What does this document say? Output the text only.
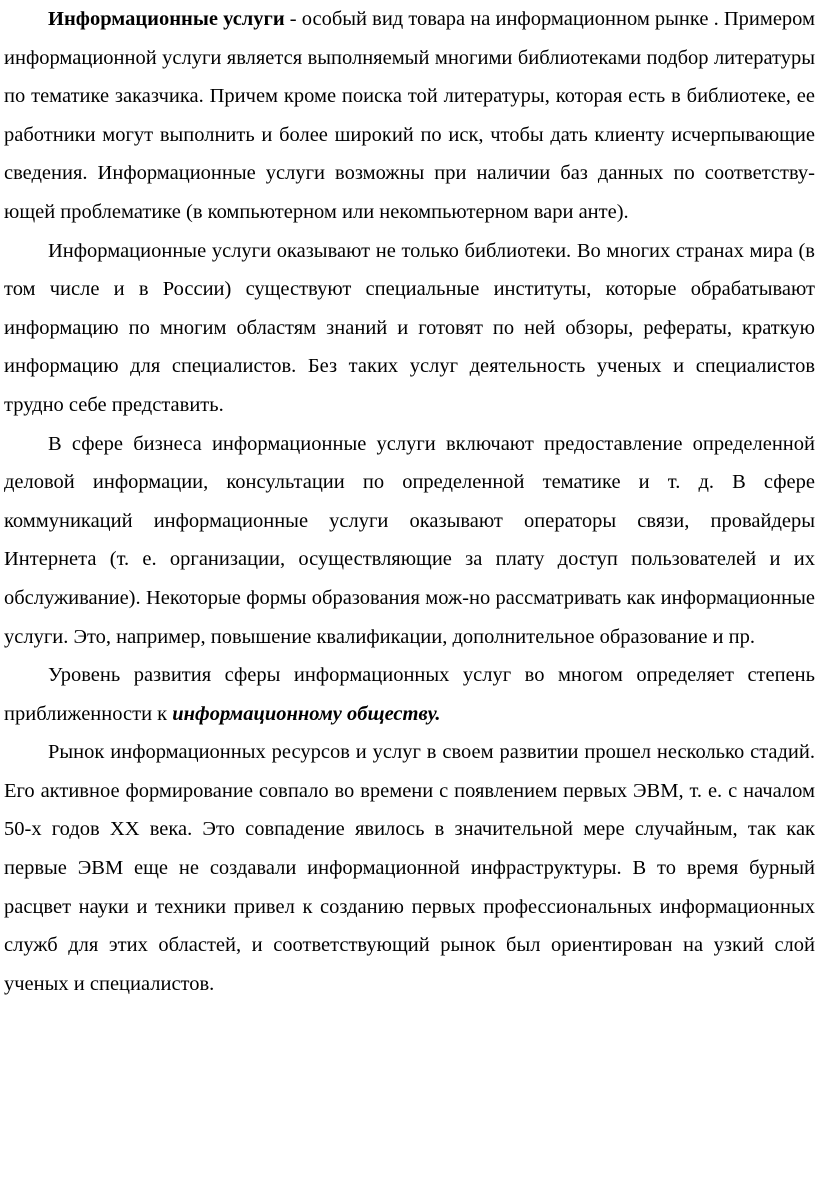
Информационные услуги - особый вид товара на информационном рынке . Примером информационной услуги является выполняемый многими библиотеками подбор литературы по тематике заказчика. Причем кроме поиска той литературы, которая есть в библиотеке, ее работники могут выполнить и более широкий по иск, чтобы дать клиенту исчерпывающие сведения. Информационные услуги возможны при наличии баз данных по соответству-ющей проблематике (в компьютерном или некомпьютерном вари анте).

Информационные услуги оказывают не только библиотеки. Во многих странах мира (в том числе и в России) существуют специальные институты, которые обрабатывают информацию по многим областям знаний и готовят по ней обзоры, рефераты, краткую информацию для специалистов. Без таких услуг деятельность ученых и специалистов трудно себе представить.

В сфере бизнеса информационные услуги включают предоставление определенной деловой информации, консультации по определенной тематике и т. д. В сфере коммуникаций информационные услуги оказывают операторы связи, провайдеры Интернета (т. е. организации, осуществляющие за плату доступ пользователей и их обслуживание). Некоторые формы образования мож-но рассматривать как информационные услуги. Это, например, повышение квалификации, дополнительное образование и пр.

Уровень развития сферы информационных услуг во многом определяет степень приближенности к информационному обществу.

Рынок информационных ресурсов и услуг в своем развитии прошел несколько стадий. Его активное формирование совпало во времени с появлением первых ЭВМ, т. е. с началом 50-х годов XX века. Это совпадение явилось в значительной мере случайным, так как первые ЭВМ еще не создавали информационной инфраструктуры. В то время бурный расцвет науки и техники привел к созданию первых профессиональных информационных служб для этих областей, и соответствующий рынок был ориентирован на узкий слой ученых и специалистов.
